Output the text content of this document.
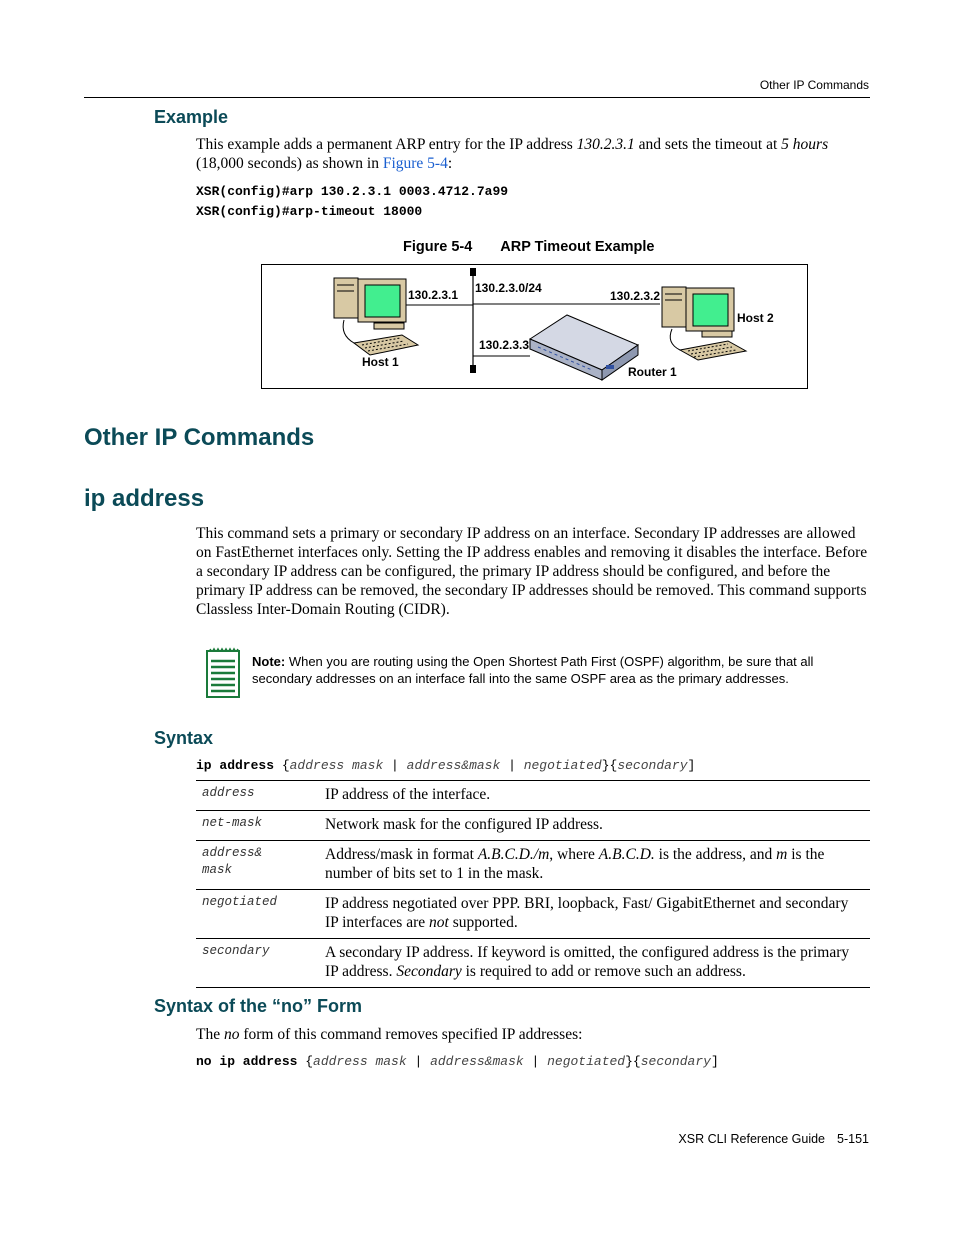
Other IP Commands
Example
This example adds a permanent ARP entry for the IP address 130.2.3.1 and sets the timeout at 5 hours (18,000 seconds) as shown in Figure 5-4:
XSR(config)#arp 130.2.3.1 0003.4712.7a99
XSR(config)#arp-timeout 18000
Figure 5-4 ARP Timeout Example
130.2.3.1 130.2.3.0/24
130.2.3.2
Host 2
130.2.3.3
Host 1
Router 1
Other IP Commands
ip address
This command sets a primary or secondary IP address on an interface. Secondary IP addresses are allowed on FastEthernet interfaces only. Setting the IP address enables and removing it disables the interface. Before a secondary IP address can be configured, the primary IP address should be configured, and before the primary IP address can be removed, the secondary IP addresses should be removed. This command supports Classless Inter-Domain Routing (CIDR).
Note: When you are routing using the Open Shortest Path First (OSPF) algorithm, be sure that all secondary addresses on an interface fall into the same OSPF area as the primary addresses.
Syntax
ip address {address mask | address&mask | negotiated}{secondary]
address	IP address of the interface.
net-mask	Network mask for the configured IP address.
address&
mask	Address/mask in format A.B.C.D./m, where A.B.C.D. is the address, and m is the number of bits set to 1 in the mask.
negotiated	IP address negotiated over PPP. BRI, loopback, Fast/ GigabitEthernet and secondary IP interfaces are not supported.
secondary	A secondary IP address. If keyword is omitted, the configured address is the primary IP address. Secondary is required to add or remove such an address.
Syntax of the “no” Form
The no form of this command removes specified IP addresses:
no ip address {address mask | address&mask | negotiated}{secondary]
XSR CLI Reference Guide 5-151
